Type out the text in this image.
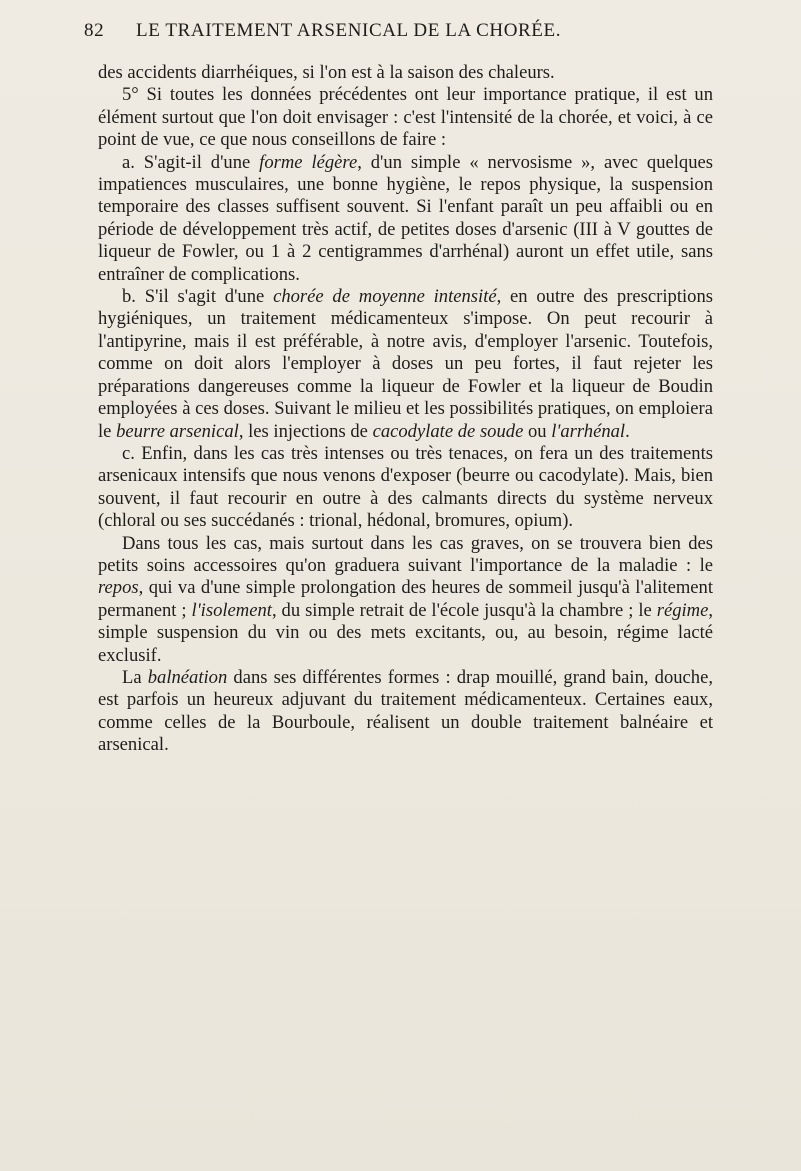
82 LE TRAITEMENT ARSENICAL DE LA CHORÉE.

des accidents diarrhéiques, si l'on est à la saison des chaleurs.

5° Si toutes les données précédentes ont leur importance pratique, il est un élément surtout que l'on doit envisager : c'est l'intensité de la chorée, et voici, à ce point de vue, ce que nous conseillons de faire :

a. S'agit-il d'une forme légère, d'un simple « nervosisme », avec quelques impatiences musculaires, une bonne hygiène, le repos physique, la suspension temporaire des classes suffisent souvent. Si l'enfant paraît un peu affaibli ou en période de développement très actif, de petites doses d'arsenic (III à V gouttes de liqueur de Fowler, ou 1 à 2 centigrammes d'arrhénal) auront un effet utile, sans entraîner de complications.

b. S'il s'agit d'une chorée de moyenne intensité, en outre des prescriptions hygiéniques, un traitement médicamenteux s'impose. On peut recourir à l'antipyrine, mais il est préférable, à notre avis, d'employer l'arsenic. Toutefois, comme on doit alors l'employer à doses un peu fortes, il faut rejeter les préparations dangereuses comme la liqueur de Fowler et la liqueur de Boudin employées à ces doses. Suivant le milieu et les possibilités pratiques, on emploiera le beurre arsenical, les injections de cacodylate de soude ou l'arrhénal.

c. Enfin, dans les cas très intenses ou très tenaces, on fera un des traitements arsenicaux intensifs que nous venons d'exposer (beurre ou cacodylate). Mais, bien souvent, il faut recourir en outre à des calmants directs du système nerveux (chloral ou ses succédanés : trional, hédonal, bromures, opium).

Dans tous les cas, mais surtout dans les cas graves, on se trouvera bien des petits soins accessoires qu'on graduera suivant l'importance de la maladie : le repos, qui va d'une simple prolongation des heures de sommeil jusqu'à l'alitement permanent ; l'isolement, du simple retrait de l'école jusqu'à la chambre ; le régime, simple suspension du vin ou des mets excitants, ou, au besoin, régime lacté exclusif.

La balnéation dans ses différentes formes : drap mouillé, grand bain, douche, est parfois un heureux adjuvant du traitement médicamenteux. Certaines eaux, comme celles de la Bourboule, réalisent un double traitement balnéaire et arsenical.
